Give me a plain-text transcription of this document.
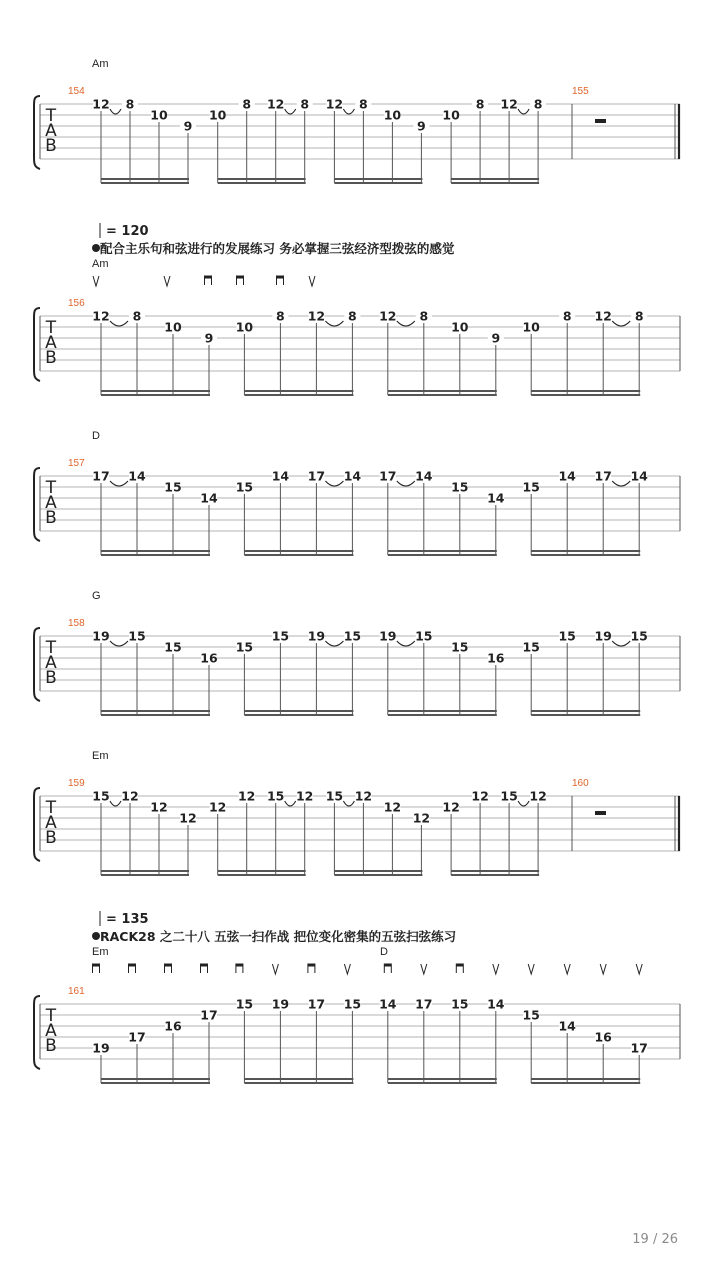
Am
T
A
B
154
12 8
10
9
10
8 12 8 12 8
10
9
10
8 12 8
155
= 120
配合主乐句和弦进行的发展练习 务必掌握三弦经济型拨弦的感觉
Am
T
A
B
156
12 8
10
9
10
8 12 8 12 8
10
9
10
8 12 8
D
T
A
B
157
17 14
15
14
15
14 17 14 17 14
15
14
15
14 17 14
G
T
A
B
158
19 15
15
16
15
15 19 15 19 15
15
16
15
15 19 15
Em
T
A
B
159
15 12
12
12
12
12 15 12 15 12
12
12
12
12 15 12
160
= 135
RACK28 之二十八 五弦一扫作战 把位变化密集的五弦扫弦练习
Em	D
T
A
B
161
19
17
16
17
15 19 17 15 14 17 15 14
15
14
16
17
19 / 26
